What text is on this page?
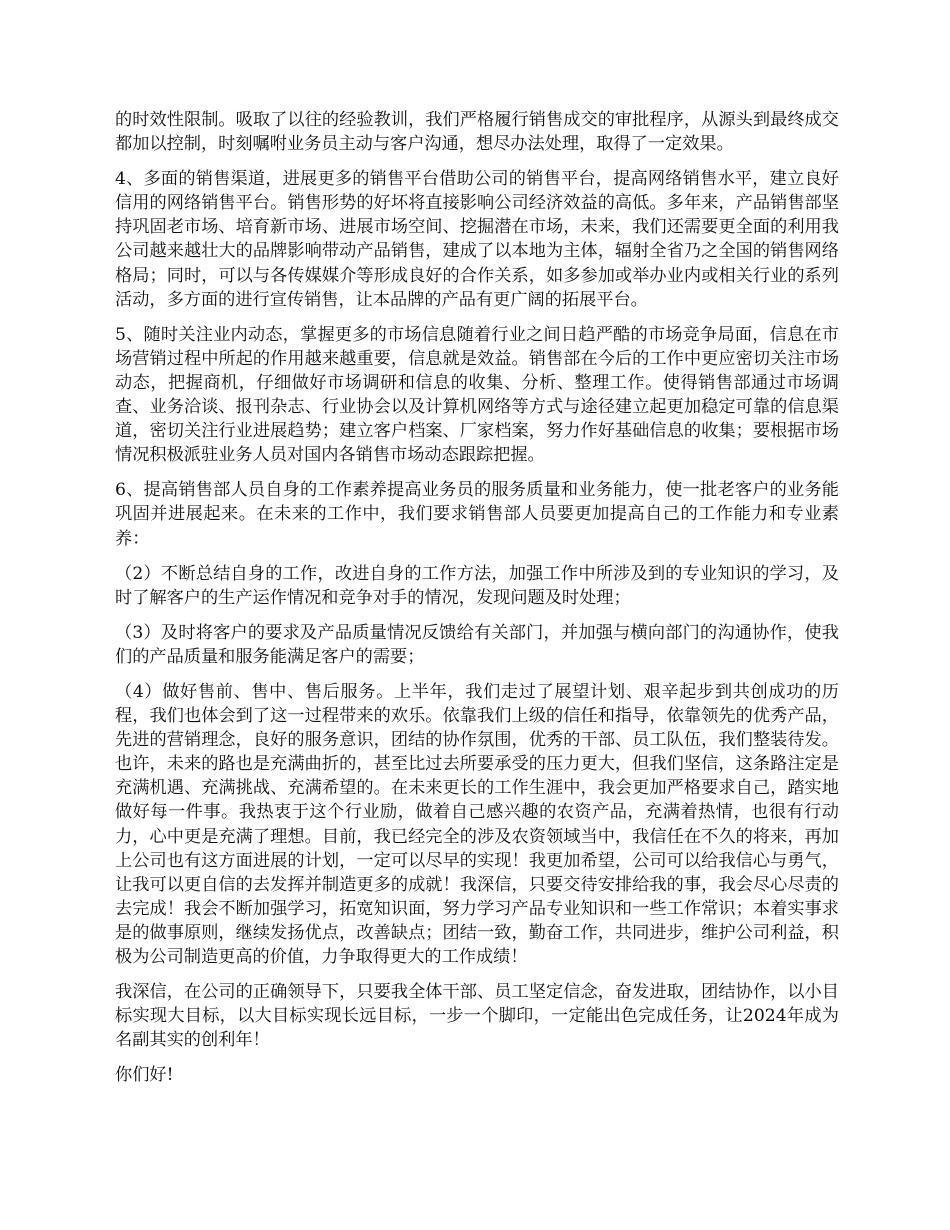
的时效性限制。吸取了以往的经验教训，我们严格履行销售成交的审批程序，从源头到最终成交都加以控制，时刻嘱咐业务员主动与客户沟通，想尽办法处理，取得了一定效果。

4、多面的销售渠道，进展更多的销售平台借助公司的销售平台，提高网络销售水平，建立良好信用的网络销售平台。销售形势的好坏将直接影响公司经济效益的高低。多年来，产品销售部坚持巩固老市场、培育新市场、进展市场空间、挖掘潜在市场，未来，我们还需要更全面的利用我公司越来越壮大的品牌影响带动产品销售，建成了以本地为主体，辐射全省乃之全国的销售网络格局；同时，可以与各传媒媒介等形成良好的合作关系，如多参加或举办业内或相关行业的系列活动，多方面的进行宣传销售，让本品牌的产品有更广阔的拓展平台。

5、随时关注业内动态，掌握更多的市场信息随着行业之间日趋严酷的市场竞争局面，信息在市场营销过程中所起的作用越来越重要，信息就是效益。销售部在今后的工作中更应密切关注市场动态，把握商机，仔细做好市场调研和信息的收集、分析、整理工作。使得销售部通过市场调查、业务洽谈、报刊杂志、行业协会以及计算机网络等方式与途径建立起更加稳定可靠的信息渠道，密切关注行业进展趋势；建立客户档案、厂家档案，努力作好基础信息的收集；要根据市场情况积极派驻业务人员对国内各销售市场动态跟踪把握。

6、提高销售部人员自身的工作素养提高业务员的服务质量和业务能力，使一批老客户的业务能巩固并进展起来。在未来的工作中，我们要求销售部人员要更加提高自己的工作能力和专业素养：

（2）不断总结自身的工作，改进自身的工作方法，加强工作中所涉及到的专业知识的学习，及时了解客户的生产运作情况和竞争对手的情况，发现问题及时处理；

（3）及时将客户的要求及产品质量情况反馈给有关部门，并加强与横向部门的沟通协作，使我们的产品质量和服务能满足客户的需要；

（4）做好售前、售中、售后服务。上半年，我们走过了展望计划、艰辛起步到共创成功的历程，我们也体会到了这一过程带来的欢乐。依靠我们上级的信任和指导，依靠领先的优秀产品，先进的营销理念，良好的服务意识，团结的协作氛围，优秀的干部、员工队伍，我们整装待发。也许，未来的路也是充满曲折的，甚至比过去所要承受的压力更大，但我们坚信，这条路注定是充满机遇、充满挑战、充满希望的。在未来更长的工作生涯中，我会更加严格要求自己，踏实地做好每一件事。我热衷于这个行业励，做着自己感兴趣的农资产品，充满着热情，也很有行动力，心中更是充满了理想。目前，我已经完全的涉及农资领域当中，我信任在不久的将来，再加上公司也有这方面进展的计划，一定可以尽早的实现！我更加希望，公司可以给我信心与勇气，让我可以更自信的去发挥并制造更多的成就！我深信，只要交待安排给我的事，我会尽心尽责的去完成！我会不断加强学习，拓宽知识面，努力学习产品专业知识和一些工作常识；本着实事求是的做事原则，继续发扬优点，改善缺点；团结一致，勤奋工作，共同进步，维护公司利益，积极为公司制造更高的价值，力争取得更大的工作成绩！

我深信，在公司的正确领导下，只要我全体干部、员工坚定信念，奋发进取，团结协作，以小目标实现大目标，以大目标实现长远目标，一步一个脚印，一定能出色完成任务，让2024年成为名副其实的创利年！

你们好!
